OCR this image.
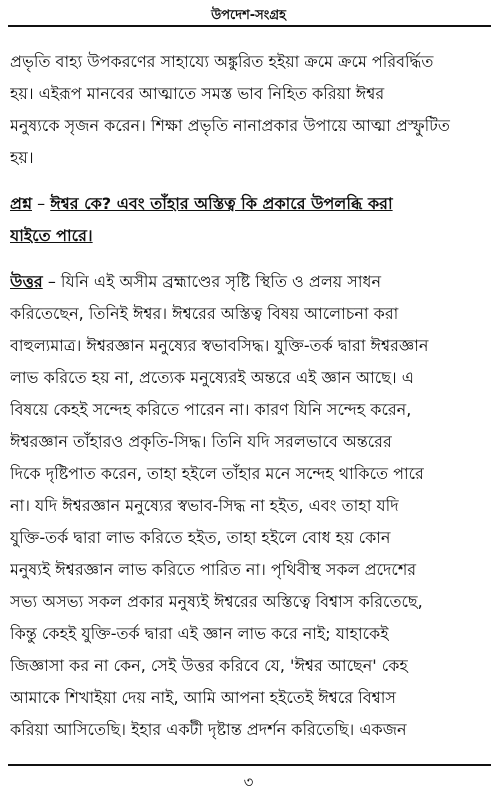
উপদেশ-সংগ্রহ
প্রভৃতি বাহ্য উপকরণের সাহায্যে অঙ্কুরিত হইয়া ক্রমে ক্রমে পরিবর্দ্ধিত
হয়। এইরূপ মানবের আত্মাতে সমস্ত ভাব নিহিত করিয়া ঈশ্বর
মনুষ্যকে সৃজন করেন। শিক্ষা প্রভৃতি নানাপ্রকার উপায়ে আত্মা প্রস্ফুটিত
হয়।
প্রশ্ন – ঈশ্বর কে? এবং তাঁহার অস্তিত্ব কি প্রকারে উপলব্ধি করা
যাইতে পারে।
উত্তর – যিনি এই অসীম ব্রহ্মাণ্ডের সৃষ্টি স্থিতি ও প্রলয় সাধন
করিতেছেন, তিনিই ঈশ্বর। ঈশ্বরের অস্তিত্ব বিষয় আলোচনা করা
বাহুল্যমাত্র। ঈশ্বরজ্ঞান মনুষ্যের স্বভাবসিদ্ধ। যুক্তি-তর্ক দ্বারা ঈশ্বরজ্ঞান
লাভ করিতে হয় না, প্রত্যেক মনুষ্যেরই অন্তরে এই জ্ঞান আছে। এ
বিষয়ে কেহই সন্দেহ করিতে পারেন না। কারণ যিনি সন্দেহ করেন,
ঈশ্বরজ্ঞান তাঁহারও প্রকৃতি-সিদ্ধ। তিনি যদি সরলভাবে অন্তরের
দিকে দৃষ্টিপাত করেন, তাহা হইলে তাঁহার মনে সন্দেহ থাকিতে পারে
না। যদি ঈশ্বরজ্ঞান মনুষ্যের স্বভাব-সিদ্ধ না হইত, এবং তাহা যদি
যুক্তি-তর্ক দ্বারা লাভ করিতে হইত, তাহা হইলে বোধ হয় কোন
মনুষ্যই ঈশ্বরজ্ঞান লাভ করিতে পারিত না। পৃথিবীস্থ সকল প্রদেশের
সভ্য অসভ্য সকল প্রকার মনুষ্যই ঈশ্বরের অস্তিত্বে বিশ্বাস করিতেছে,
কিন্তু কেহই যুক্তি-তর্ক দ্বারা এই জ্ঞান লাভ করে নাই; যাহাকেই
জিজ্ঞাসা কর না কেন, সেই উত্তর করিবে যে, 'ঈশ্বর আছেন' কেহ
আমাকে শিখাইয়া দেয় নাই, আমি আপনা হইতেই ঈশ্বরে বিশ্বাস
করিয়া আসিতেছি। ইহার একটী দৃষ্টান্ত প্রদর্শন করিতেছি। একজন
৩
